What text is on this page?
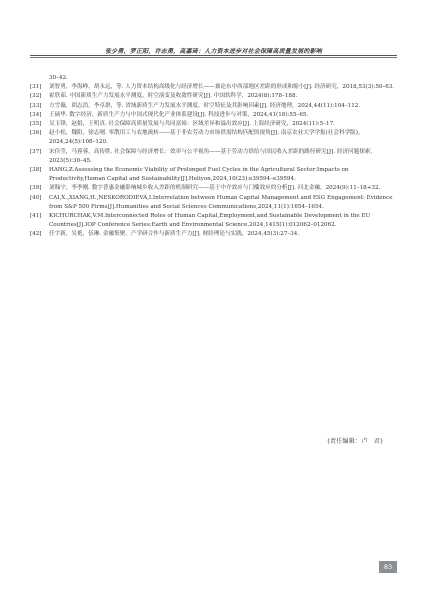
张少勇，罗正阳，许志勇，高嘉琦：人力资本进步对社会保障高质量发展的影响

30–42.

[31] 刘智勇，李海峥，胡永远，等. 人力资本结构高级化与经济增长——兼论东中西部地区差距的形成和缩小[J]. 经济研究，2018,53(3):50–63.

[32] 霍欣茹. 中国新质生产力发展水平测度、时空演变及收敛性研究[J]. 中国软科学，2024(8):178–188.

[33] 方雪薇，胡志浩，李卓群，等. 省域新质生产力发展水平测度、时空特征及其影响因素[J]. 经济地理，2024,44(11):104–112.

[34] 王硕华. 数字经济、新质生产力与中国式现代化产业体系建设[J]. 科技进步与对策，2024,41(18):55–65.

[35] 吴玉锋，赵娟，王明真. 社会保障高质量发展与共同富裕：区域差异和溢出效应[J]. 上海经济研究，2024(11):5–17.

[36] 赵小松，魏阳，徐志刚. 零散用工与农地流转——基于非农劳动力市场供需结构匹配的视角[J]. 南京农业大学学报(社会科学版)，2024,24(5):108–120.

[37] 宋佳莹，马蓉蓉，高传胜. 社会保障与经济增长：效率与公平视角——基于劳动力供给与国民收入差距的路径研究[J]. 经济问题探索，2023(5):30–45.

[38] HANG,Z.Assessing the Economic Viability of Prolonged Fuel Cycles in the Agricultural Sector:Impacts on Productivity,Human Capital and Sustainability[J].Heliyon,2024,10(23):e39594–e39594.

[39] 刘翰宇，李季刚. 数字普惠金融影响城乡收入差距的机制研究——基于中介效应与门槛效应的分析[J]. 河北金融，2024(9):11–18+32.

[40] CAI,X.,XIANG,H.,NESKORODIEVA,I.Interrelation between Human Capital Management and ESG Engagement: Evidence from S&P 500 Firms[J].Humanities and Social Sciences Communications,2024,11(1):1654–1654.

[41] KICHURCHAK,V.M.Interconnected Roles of Human Capital,Employment,and Sustainable Development in the EU Countries[J].IOP Conference Series:Earth and Environmental Science,2024,1415(1):012062–012062.

[42] 任宇新，吴艳，伍琳. 金融集聚、产学研合作与新质生产力[J]. 财经理论与实践，2024,45(3):27–34.

(责任编辑：卢　君)
83
